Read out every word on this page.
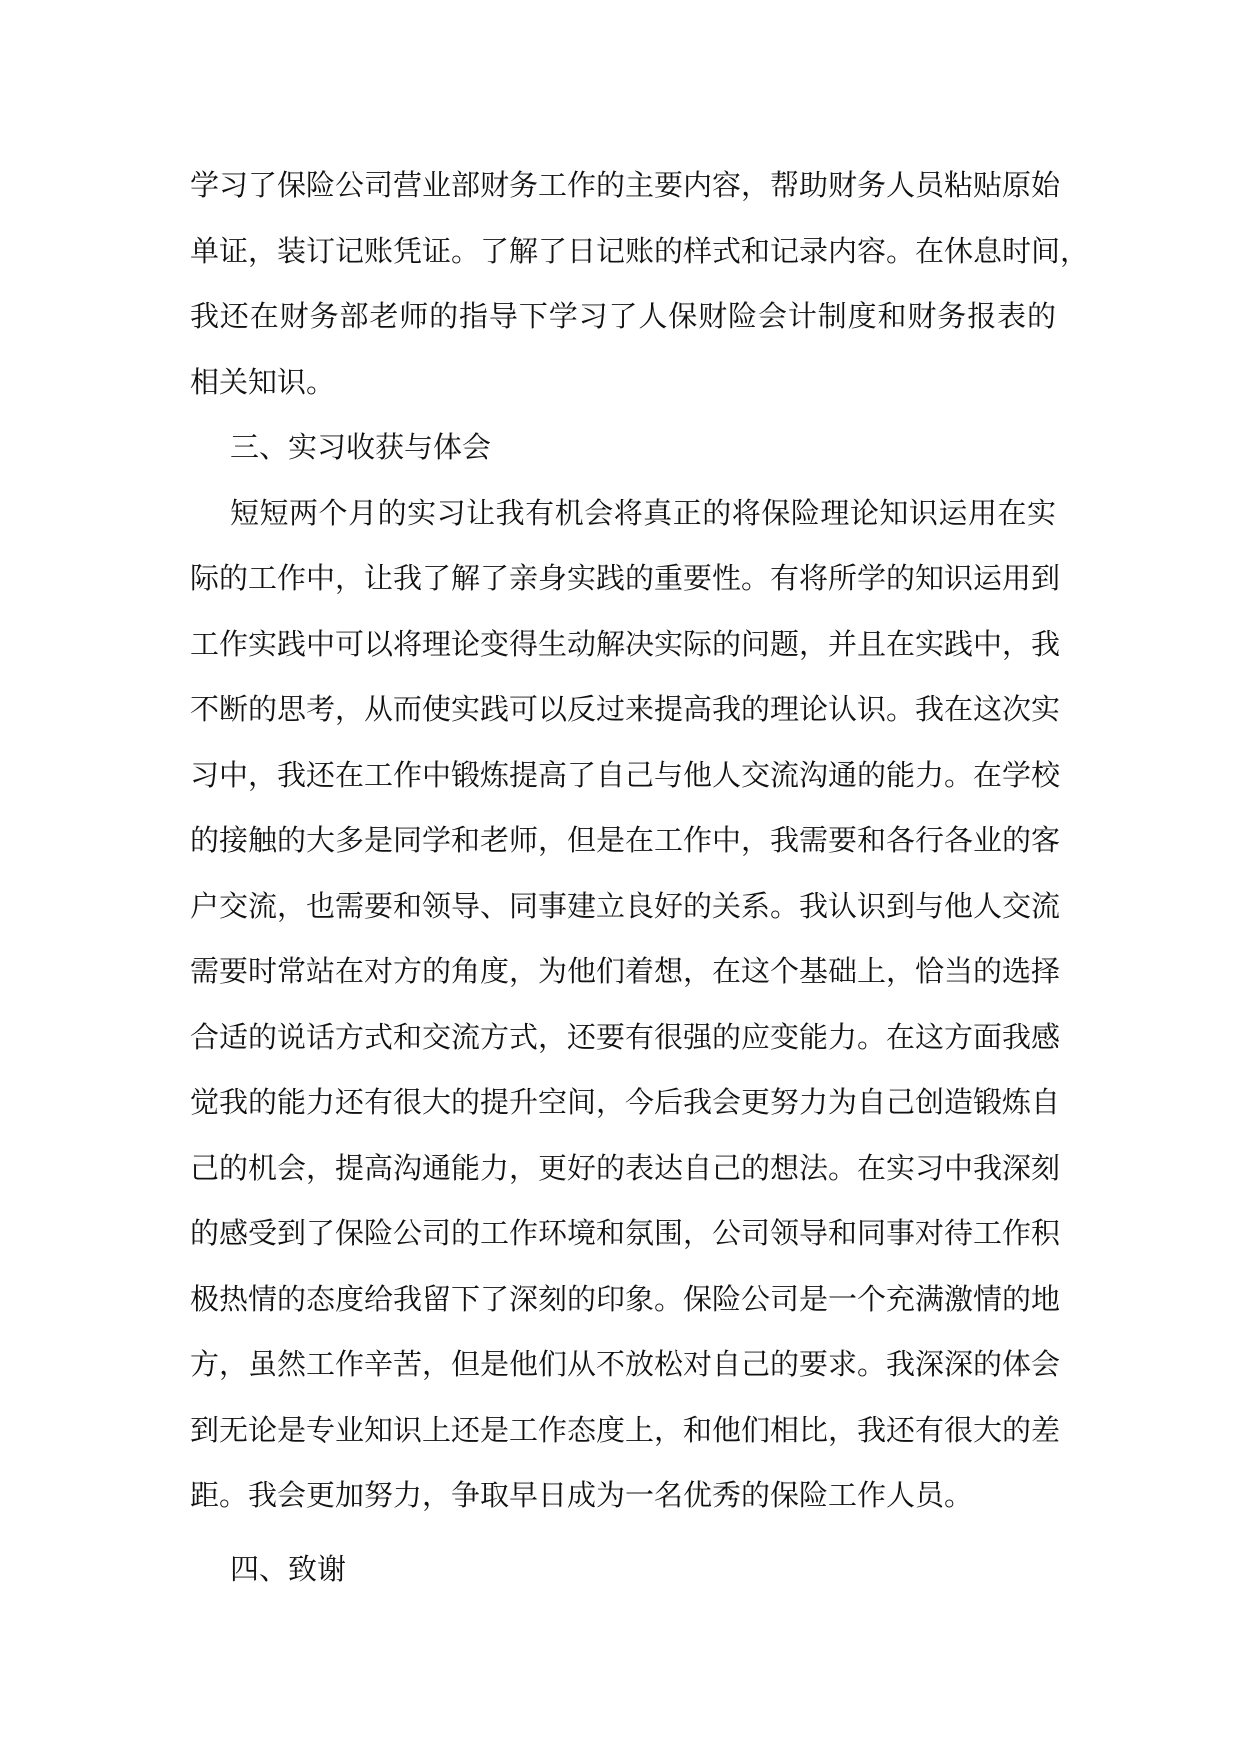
学习了保险公司营业部财务工作的主要内容，帮助财务人员粘贴原始
单证，装订记账凭证。了解了日记账的样式和记录内容。在休息时间，
我还在财务部老师的指导下学习了人保财险会计制度和财务报表的
相关知识。
三、实习收获与体会
短短两个月的实习让我有机会将真正的将保险理论知识运用在实
际的工作中，让我了解了亲身实践的重要性。有将所学的知识运用到
工作实践中可以将理论变得生动解决实际的问题，并且在实践中，我
不断的思考，从而使实践可以反过来提高我的理论认识。我在这次实
习中，我还在工作中锻炼提高了自己与他人交流沟通的能力。在学校
的接触的大多是同学和老师，但是在工作中，我需要和各行各业的客
户交流，也需要和领导、同事建立良好的关系。我认识到与他人交流
需要时常站在对方的角度，为他们着想，在这个基础上，恰当的选择
合适的说话方式和交流方式，还要有很强的应变能力。在这方面我感
觉我的能力还有很大的提升空间，今后我会更努力为自己创造锻炼自
己的机会，提高沟通能力，更好的表达自己的想法。在实习中我深刻
的感受到了保险公司的工作环境和氛围，公司领导和同事对待工作积
极热情的态度给我留下了深刻的印象。保险公司是一个充满激情的地
方，虽然工作辛苦，但是他们从不放松对自己的要求。我深深的体会
到无论是专业知识上还是工作态度上，和他们相比，我还有很大的差
距。我会更加努力，争取早日成为一名优秀的保险工作人员。
四、致谢
